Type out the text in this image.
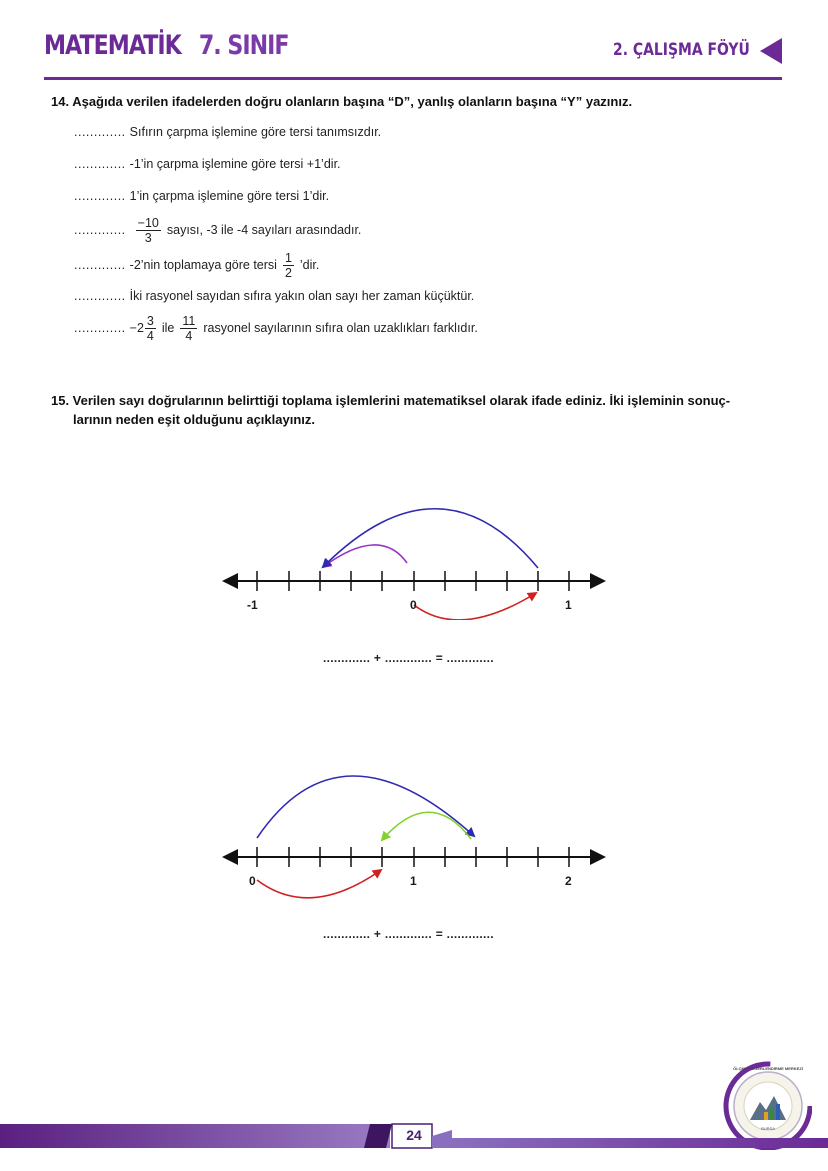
MATEMATİK 7. SINIF	2. ÇALIŞMA FÖYÜ
14. Aşağıda verilen ifadelerden doğru olanların başına “D”, yanlış olanların başına “Y” yazınız.
............. Sıfırın çarpma işlemine göre tersi tanımsızdır.
............. -1’in çarpma işlemine göre tersi +1’dir.
............. 1’in çarpma işlemine göre tersi 1’dir.
............. $\frac{-10}{3}$ sayısı, -3 ile -4 sayıları arasındadır.
............. -2’nin toplamaya göre tersi $\frac{1}{2}$ ’dir.
............. İki rasyonel sayıdan sıfıra yakın olan sayı her zaman küçüktür.
............. $-2 \frac{3}{4}$ ile $\frac{11}{4}$ rasyonel sayılarının sıfıra olan uzaklıkları farklıdır.
15. Verilen sayı doğrularının belirttiği toplama işlemlerini matematiksel olarak ifade ediniz. İki işleminin sonuç-
larının neden eşit olduğunu açıklayınız.
-1	0	1
............. + ............. = .............
0	1	2
............. + ............. = .............
BURSA
ÖLÇME DEĞERLENDİRME MERKEZİ
24
